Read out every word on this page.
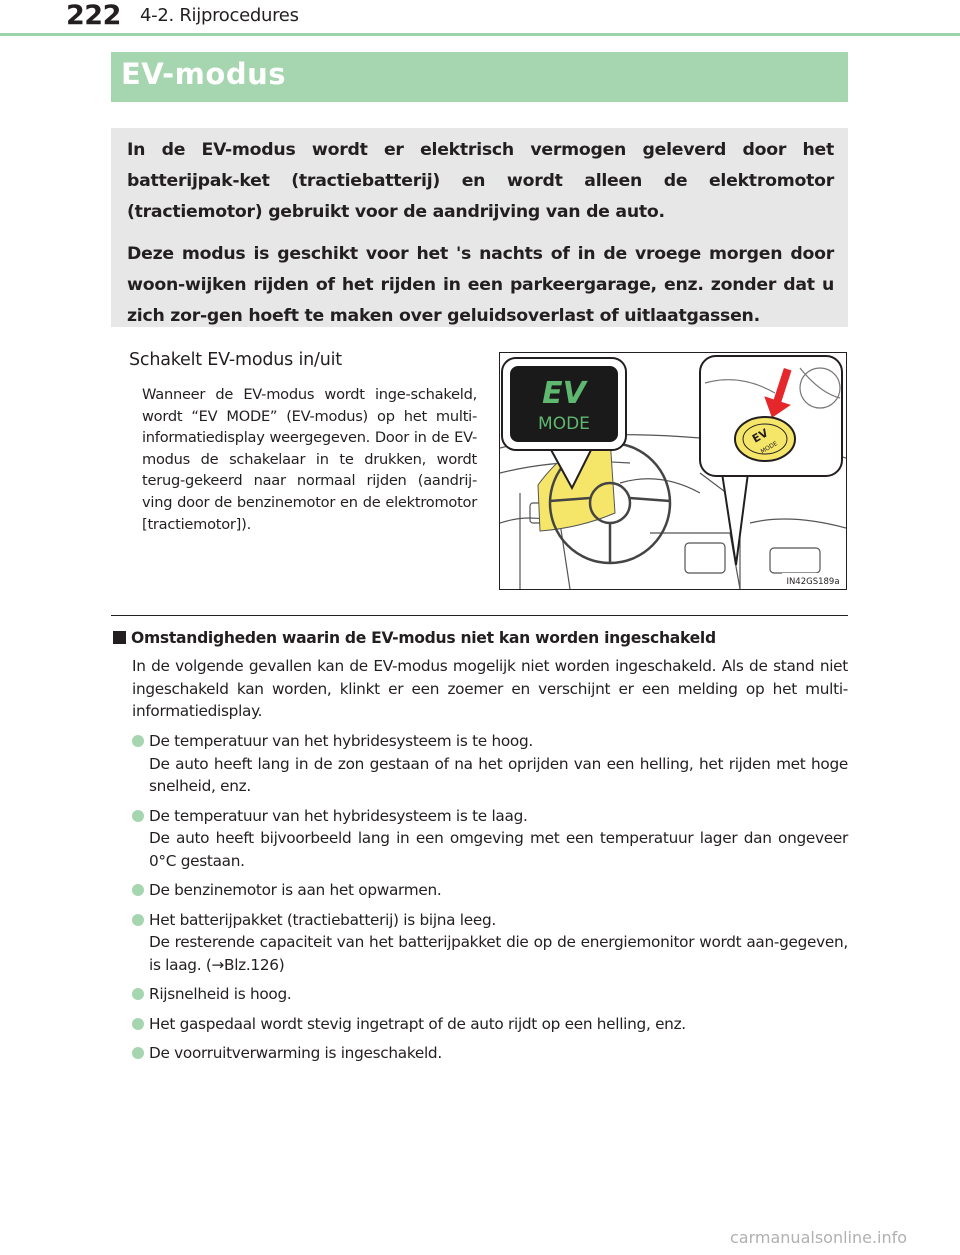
222 4-2. Rijprocedures
EV-modus

In de EV-modus wordt er elektrisch vermogen geleverd door het batterijpak-ket (tractiebatterij) en wordt alleen de elektromotor (tractiemotor) gebruikt voor de aandrijving van de auto.

Deze modus is geschikt voor het 's nachts of in de vroege morgen door woon-wijken rijden of het rijden in een parkeergarage, enz. zonder dat u zich zor-gen hoeft te maken over geluidsoverlast of uitlaatgassen.

Schakelt EV-modus in/uit

Wanneer de EV-modus wordt inge-schakeld, wordt “EV MODE” (EV-modus) op het multi-informatiedisplay weergegeven. Door in de EV-modus de schakelaar in te drukken, wordt terug-gekeerd naar normaal rijden (aandrij-ving door de benzinemotor en de elektromotor [tractiemotor]).

EV
MODE
EV
MODE
IN42GS189a
Omstandigheden waarin de EV-modus niet kan worden ingeschakeld

In de volgende gevallen kan de EV-modus mogelijk niet worden ingeschakeld. Als de stand niet ingeschakeld kan worden, klinkt er een zoemer en verschijnt er een melding op het multi-informatiedisplay.

De temperatuur van het hybridesysteem is te hoog.
De auto heeft lang in de zon gestaan of na het oprijden van een helling, het rijden met hoge snelheid, enz.
De temperatuur van het hybridesysteem is te laag.
De auto heeft bijvoorbeeld lang in een omgeving met een temperatuur lager dan ongeveer 0°C gestaan.
De benzinemotor is aan het opwarmen.
Het batterijpakket (tractiebatterij) is bijna leeg.
De resterende capaciteit van het batterijpakket die op de energiemonitor wordt aan-gegeven, is laag. (→Blz.126)
Rijsnelheid is hoog.
Het gaspedaal wordt stevig ingetrapt of de auto rijdt op een helling, enz.
De voorruitverwarming is ingeschakeld.
carmanualsonline.info
